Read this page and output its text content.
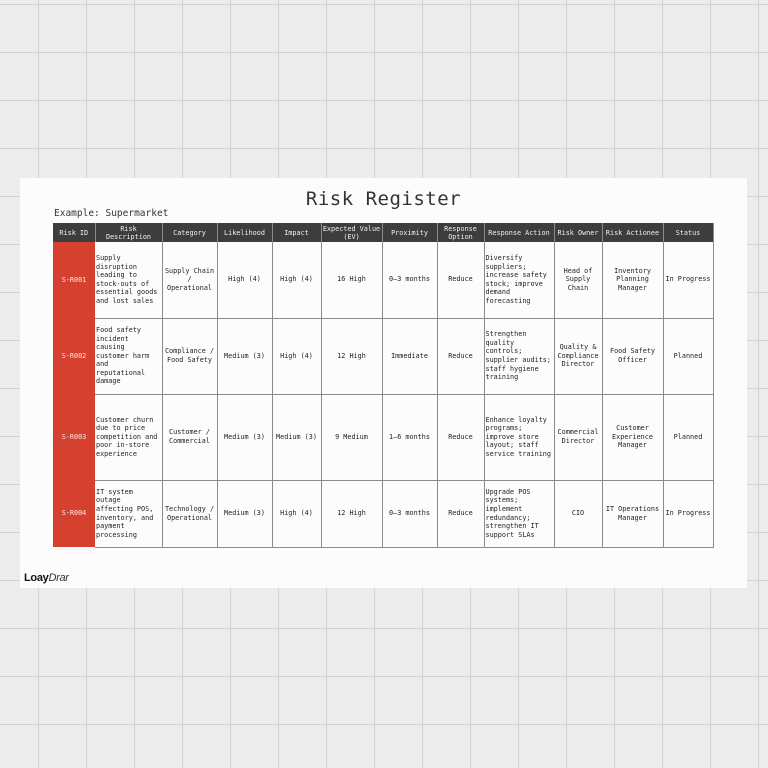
Risk Register
Example: Supermarket
Risk ID	Risk Description	Category	Likelihood	Impact	Expected Value (EV)	Proximity	Response Option	Response Action	Risk Owner	Risk Actionee	Status
S-R001	Supply disruption leading to stock-outs of essential goods and lost sales	Supply Chain / Operational	High (4)	High (4)	16 High	0–3 months	Reduce	Diversify suppliers; increase safety stock; improve demand forecasting	Head of Supply Chain	Inventory Planning Manager	In Progress
S-R002	Food safety incident causing customer harm and reputational damage	Compliance / Food Safety	Medium (3)	High (4)	12 High	Immediate	Reduce	Strengthen quality controls; supplier audits; staff hygiene training	Quality & Compliance Director	Food Safety Officer	Planned
S-R003	Customer churn due to price competition and poor in-store experience	Customer / Commercial	Medium (3)	Medium (3)	9 Medium	1–6 months	Reduce	Enhance loyalty programs; improve store layout; staff service training	Commercial Director	Customer Experience Manager	Planned
S-R004	IT system outage affecting POS, inventory, and payment processing	Technology / Operational	Medium (3)	High (4)	12 High	0–3 months	Reduce	Upgrade POS systems; implement redundancy; strengthen IT support SLAs	CIO	IT Operations Manager	In Progress
LoayDrar
